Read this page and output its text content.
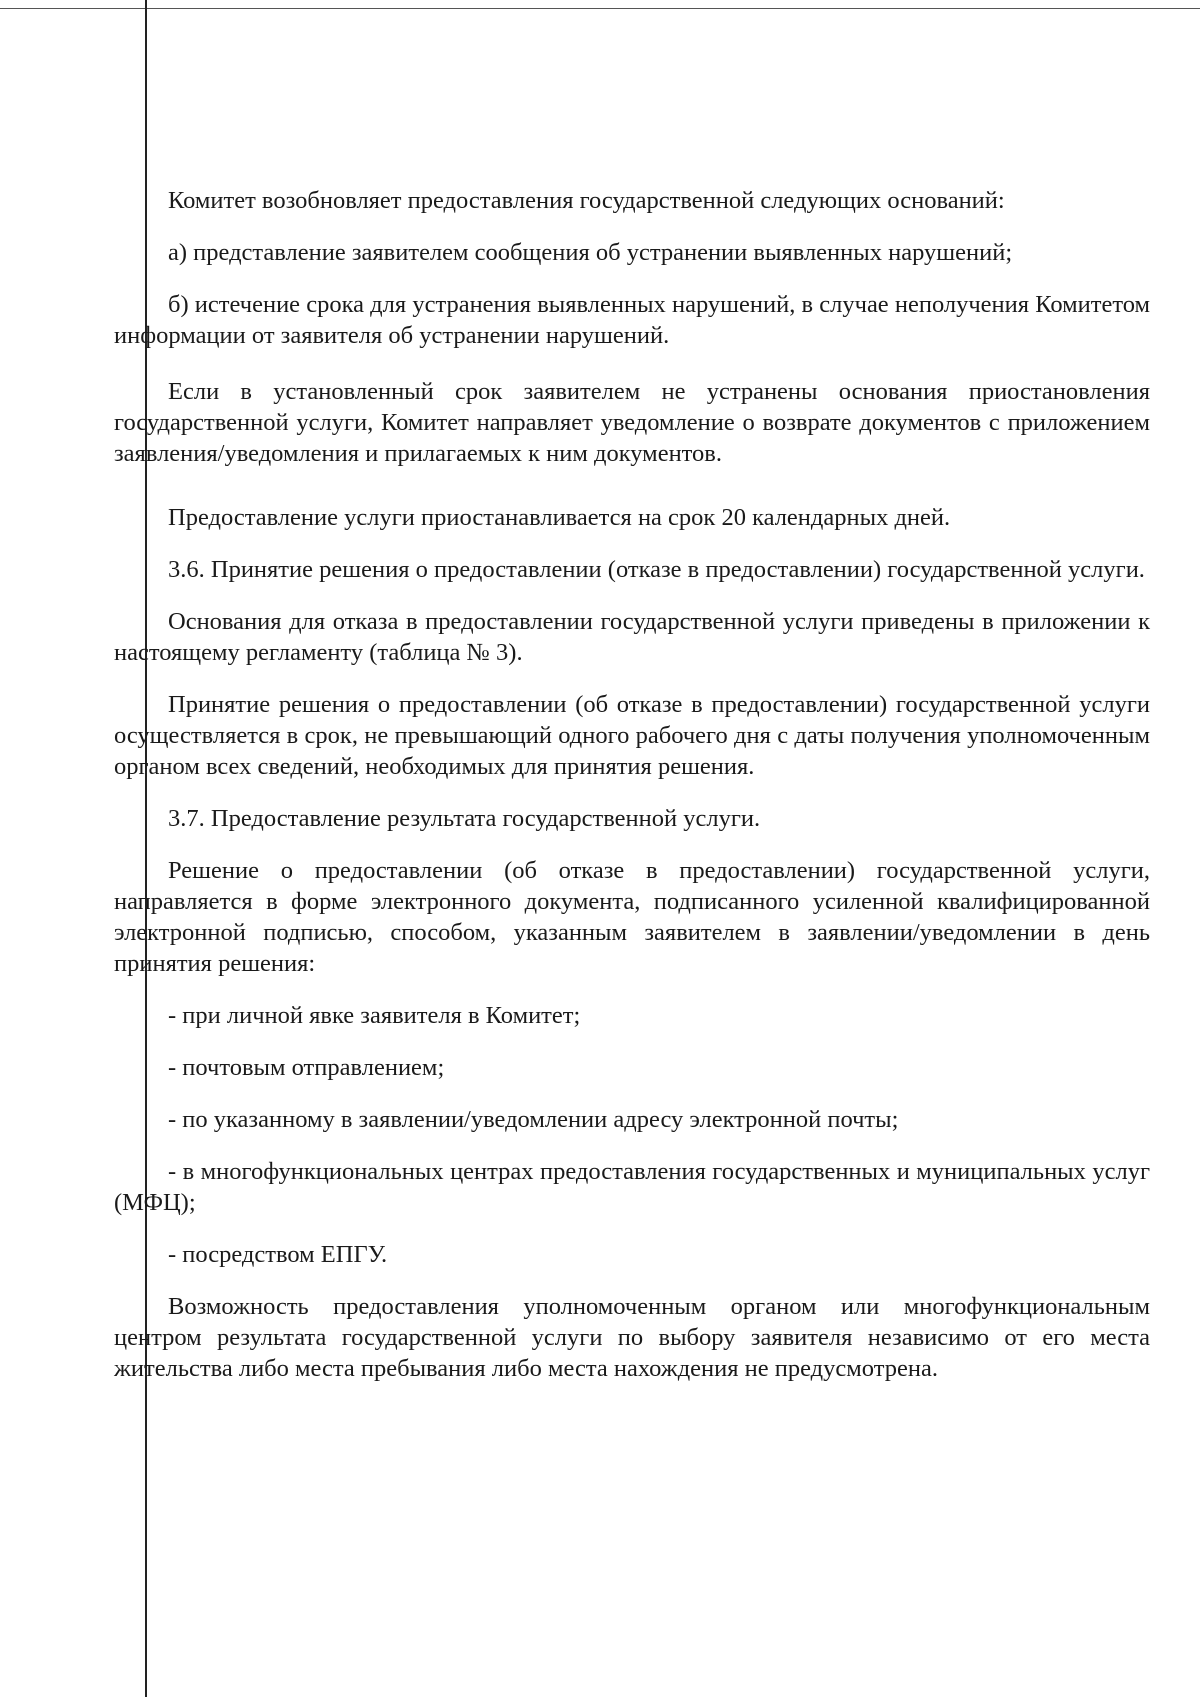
Комитет возобновляет предоставления государственной следующих оснований:

а) представление заявителем сообщения об устранении выявленных нарушений;

б) истечение срока для устранения выявленных нарушений, в случае неполучения Комитетом информации от заявителя об устранении нарушений.

Если в установленный срок заявителем не устранены основания приостановления государственной услуги, Комитет направляет уведомление о возврате документов с приложением заявления/уведомления и прилагаемых к ним документов.

Предоставление услуги приостанавливается на срок 20 календарных дней.

3.6. Принятие решения о предоставлении (отказе в предоставлении) государственной услуги.

Основания для отказа в предоставлении государственной услуги приведены в приложении к настоящему регламенту (таблица № 3).

Принятие решения о предоставлении (об отказе в предоставлении) государственной услуги осуществляется в срок, не превышающий одного рабочего дня с даты получения уполномоченным органом всех сведений, необходимых для принятия решения.

3.7. Предоставление результата государственной услуги.

Решение о предоставлении (об отказе в предоставлении) государственной услуги, направляется в форме электронного документа, подписанного усиленной квалифицированной электронной подписью, способом, указанным заявителем в заявлении/уведомлении в день принятия решения:

- при личной явке заявителя в Комитет;

- почтовым отправлением;

- по указанному в заявлении/уведомлении адресу электронной почты;

- в многофункциональных центрах предоставления государственных и муниципальных услуг (МФЦ);

- посредством ЕПГУ.

Возможность предоставления уполномоченным органом или многофункциональным центром результата государственной услуги по выбору заявителя независимо от его места жительства либо места пребывания либо места нахождения не предусмотрена.
